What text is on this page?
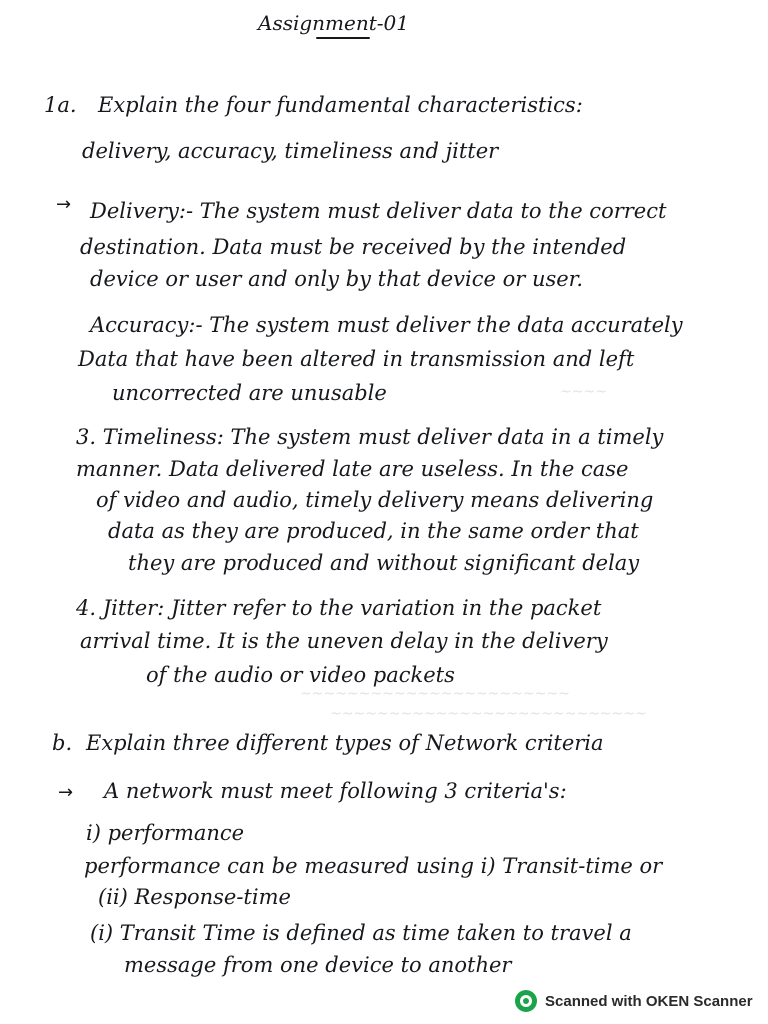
Assignment-01
1a. Explain the four fundamental characteristics:
delivery, accuracy, timeliness and jitter
→ Delivery:- The system must deliver data to the correct
destination. Data must be received by the intended
device or user and only by that device or user.
Accuracy:- The system must deliver the data accurately
Data that have been altered in transmission and left
uncorrected are unusable
3. Timeliness: The system must deliver data in a timely
manner. Data delivered late are useless. In the case
of video and audio, timely delivery means delivering
data as they are produced, in the same order that
they are produced and without significant delay
4. Jitter: Jitter refer to the variation in the packet
arrival time. It is the uneven delay in the delivery
of the audio or video packets
~~~~
~~~~~~~~~~~~~~~~~~~~~~~
~~~~~~~~~~~~~~~~~~~~~~~~~~~
b. Explain three different types of Network criteria
→ A network must meet following 3 criteria's:
i) performance
performance can be measured using i) Transit-time or
(ii) Response-time
(i) Transit Time is defined as time taken to travel a
message from one device to another
Scanned with OKEN Scanner
